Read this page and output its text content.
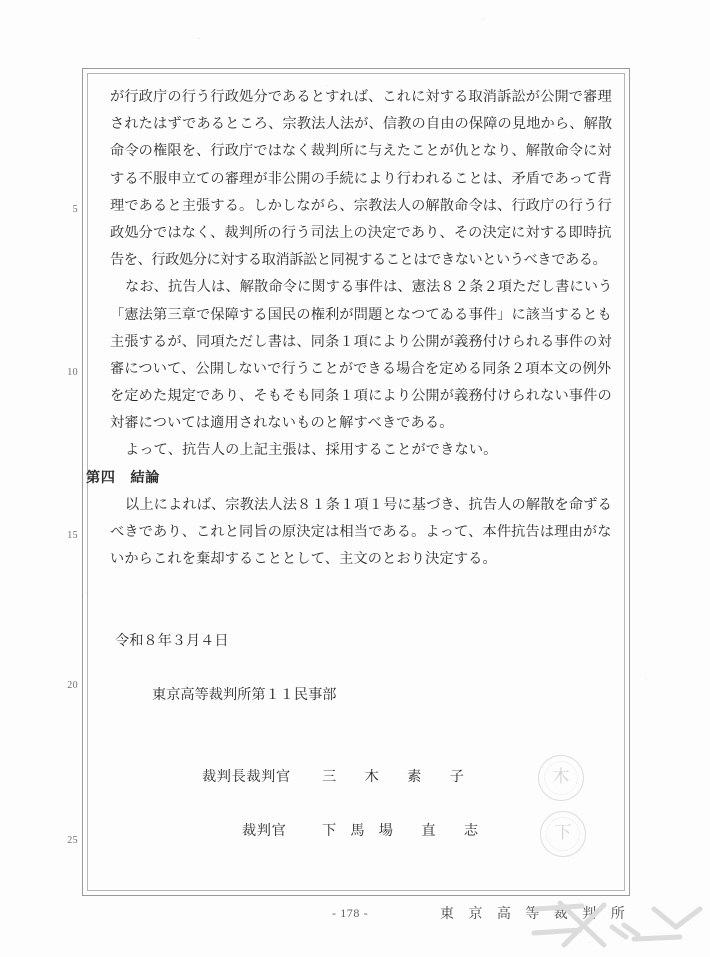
5
10
15
20
25
が行政庁の行う行政処分であるとすれば、これに対する取消訴訟が公開で審理
されたはずであるところ、宗教法人法が、信教の自由の保障の見地から、解散
命令の権限を、行政庁ではなく裁判所に与えたことが仇となり、解散命令に対
する不服申立ての審理が非公開の手続により行われることは、矛盾であって背
理であると主張する。しかしながら、宗教法人の解散命令は、行政庁の行う行
政処分ではなく、裁判所の行う司法上の決定であり、その決定に対する即時抗
告を、行政処分に対する取消訴訟と同視することはできないというべきである。
なお、抗告人は、解散命令に関する事件は、憲法８２条２項ただし書にいう
「憲法第三章で保障する国民の権利が問題となつてゐる事件」に該当するとも
主張するが、同項ただし書は、同条１項により公開が義務付けられる事件の対
審について、公開しないで行うことができる場合を定める同条２項本文の例外
を定めた規定であり、そもそも同条１項により公開が義務付けられない事件の
対審については適用されないものと解すべきである。
よって、抗告人の上記主張は、採用することができない。
第四　結論
以上によれば、宗教法人法８１条１項１号に基づき、抗告人の解散を命ずる
べきであり、これと同旨の原決定は相当である。よって、本件抗告は理由がな
いからこれを棄却することとして、主文のとおり決定する。
令和８年３月４日
東京高等裁判所第１１民事部
裁判長裁判官 三　　木　　素　　子	木
裁判官	下　馬　場　　直　　志	下
- 178 -	東 京 高 等 裁 判 所
